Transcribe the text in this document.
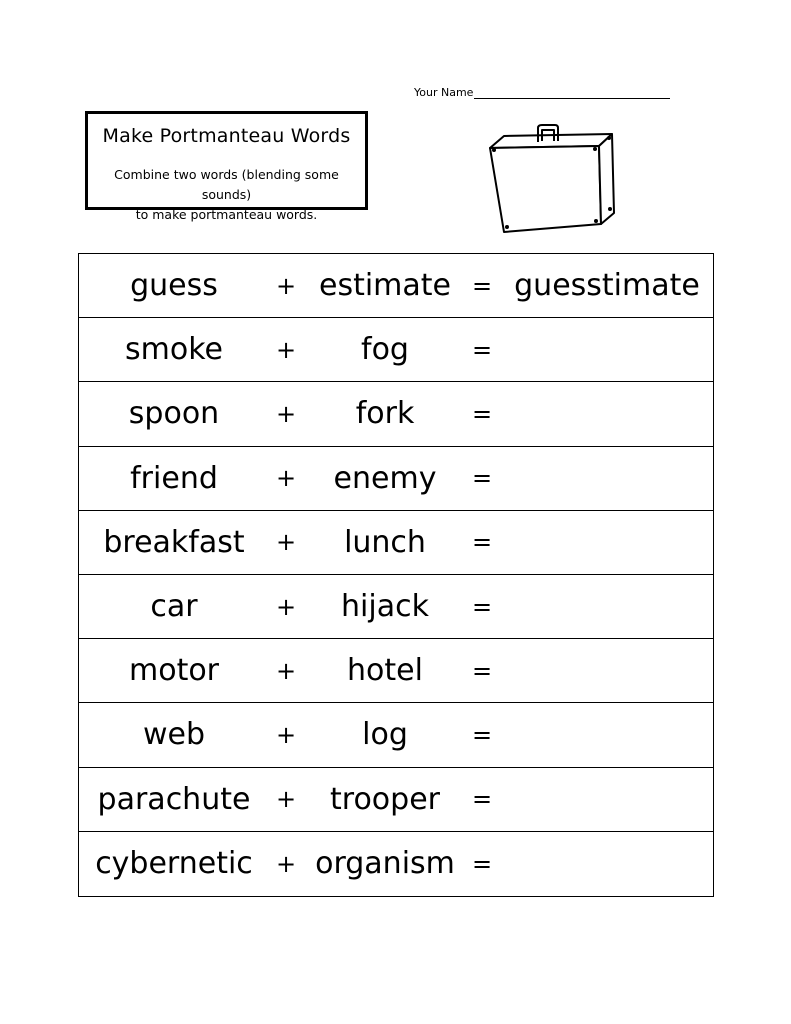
Your Name
Make Portmanteau Words
Combine two words (blending some sounds)
to make portmanteau words.
guess	+ estimate = guesstimate
smoke	+	fog	=
spoon	+	fork	=
friend	+	enemy	=
breakfast	+	lunch	=
car	+	hijack	=
motor	+	hotel	=
web	+	log	=
parachute	+	trooper	=
cybernetic + organism =
